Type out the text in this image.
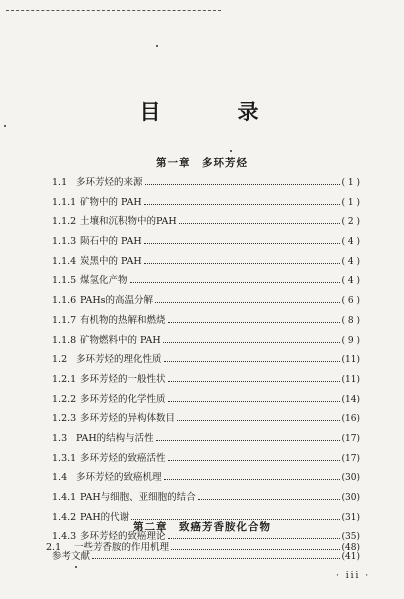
目　录
第一章　多环芳烃
1.1 多环芳烃的来源	( 1 )
1.1.1 矿物中的 PAH	( 1 )
1.1.2 土壤和沉积物中的PAH	( 2 )
1.1.3 陨石中的 PAH	( 4 )
1.1.4 炭黑中的 PAH	( 4 )
1.1.5 煤氢化产物	( 4 )
1.1.6 PAHs的高温分解	( 6 )
1.1.7 有机物的热解和燃烧	( 8 )
1.1.8 矿物燃料中的 PAH	( 9 )
1.2 多环芳烃的理化性质	(11)
1.2.1 多环芳烃的一般性状	(11)
1.2.2 多环芳烃的化学性质	(14)
1.2.3 多环芳烃的异构体数目	(16)
1.3 PAH的结构与活性	(17)
1.3.1 多环芳烃的致癌活性	(17)
1.4 多环芳烃的致癌机理	(30)
1.4.1 PAH与细胞、亚细胞的结合	(30)
1.4.2 PAH的代谢	(31)
1.4.3 多环芳烃的致癌理论	(35)
参考文献	(41)
第二章　致癌芳香胺化合物
2.1	一些芳香胺的作用机理	(48)
· iii ·
